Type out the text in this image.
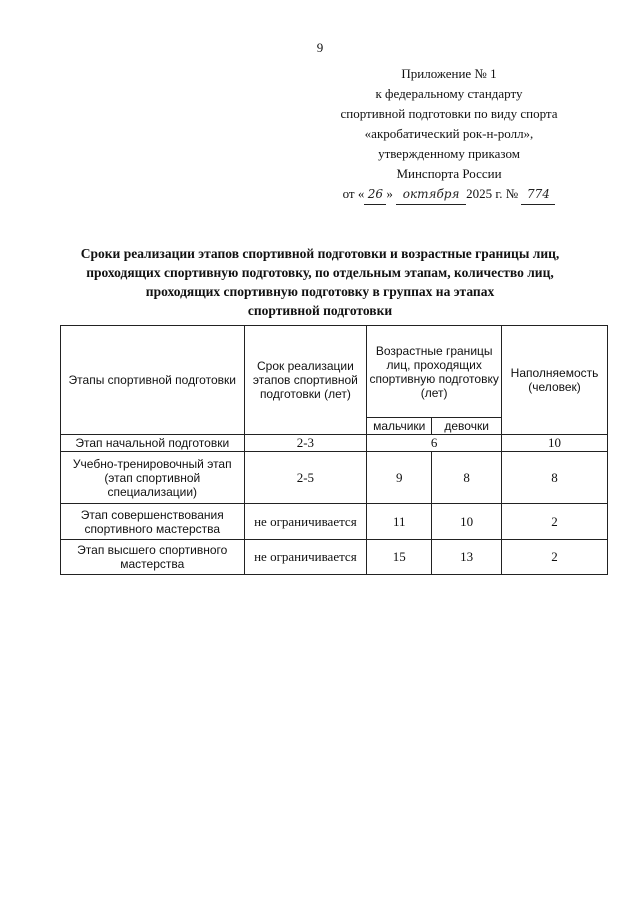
9
Приложение № 1
к федеральному стандарту
спортивной подготовки по виду спорта
«акробатический рок-н-ролл»,
утвержденному приказом
Минспорта России
от « 26 » октября 2025 г. № 774
Сроки реализации этапов спортивной подготовки и возрастные границы лиц,
проходящих спортивную подготовку, по отдельным этапам, количество лиц,
проходящих спортивную подготовку в группах на этапах
спортивной подготовки
Этапы спортивной подготовки	Срок реализации этапов спортивной подготовки (лет)	Возрастные границы лиц, проходящих спортивную подготовку (лет)		Наполняемость (человек)
		мальчики	девочки	
Этап начальной подготовки	2-3	6		10
Учебно-тренировочный этап (этап спортивной специализации)	2-5	9	8	8
Этап совершенствования спортивного мастерства	не ограничивается	11	10	2
Этап высшего спортивного мастерства	не ограничивается	15	13	2
